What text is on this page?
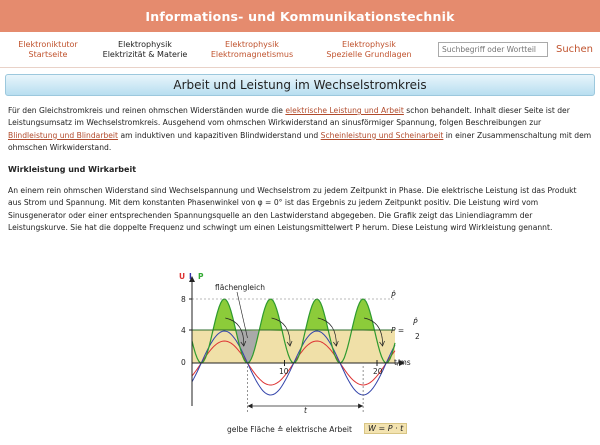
Informations- und Kommunikationstechnik
Elektroniktutor
Startseite
Elektrophysik
Elektrizität & Materie
Elektrophysik
Elektromagnetismus
Elektrophysik
Spezielle Grundlagen
Suchbegriff oder Wortteil	Suchen
Arbeit und Leistung im Wechselstromkreis

Für den Gleichstromkreis und reinen ohmschen Widerständen wurde die elektrische Leistung und Arbeit schon behandelt. Inhalt dieser Seite ist der Leistungsumsatz im Wechselstromkreis. Ausgehend vom ohmschen Wirkwiderstand an sinusförmiger Spannung, folgen Beschreibungen zur Blindleistung und Blindarbeit am induktiven und kapazitiven Blindwiderstand und Scheinleistung und Scheinarbeit in einer Zusammenschaltung mit dem ohmschen Wirkwiderstand.

Wirkleistung und Wirkarbeit

An einem rein ohmschen Widerstand sind Wechselspannung und Wechselstrom zu jedem Zeitpunkt in Phase. Die elektrische Leistung ist das Produkt aus Strom und Spannung. Mit dem konstanten Phasenwinkel von φ = 0° ist das Ergebnis zu jedem Zeitpunkt positiv. Die Leistung wird vom Sinusgenerator oder einer entsprechenden Spannungsquelle an den Lastwiderstand abgegeben. Die Grafik zeigt das Liniendiagramm der Leistungskurve. Sie hat die doppelte Frequenz und schwingt um einen Leistungsmittelwert P herum. Diese Leistung wird Wirkleistung genannt.

U I P
flächengleich
8
4
0
10	20
t/ms
P̂
P =
P̂
2
t
gelbe Fläche ≙ elektrische Arbeit	W = P · t
